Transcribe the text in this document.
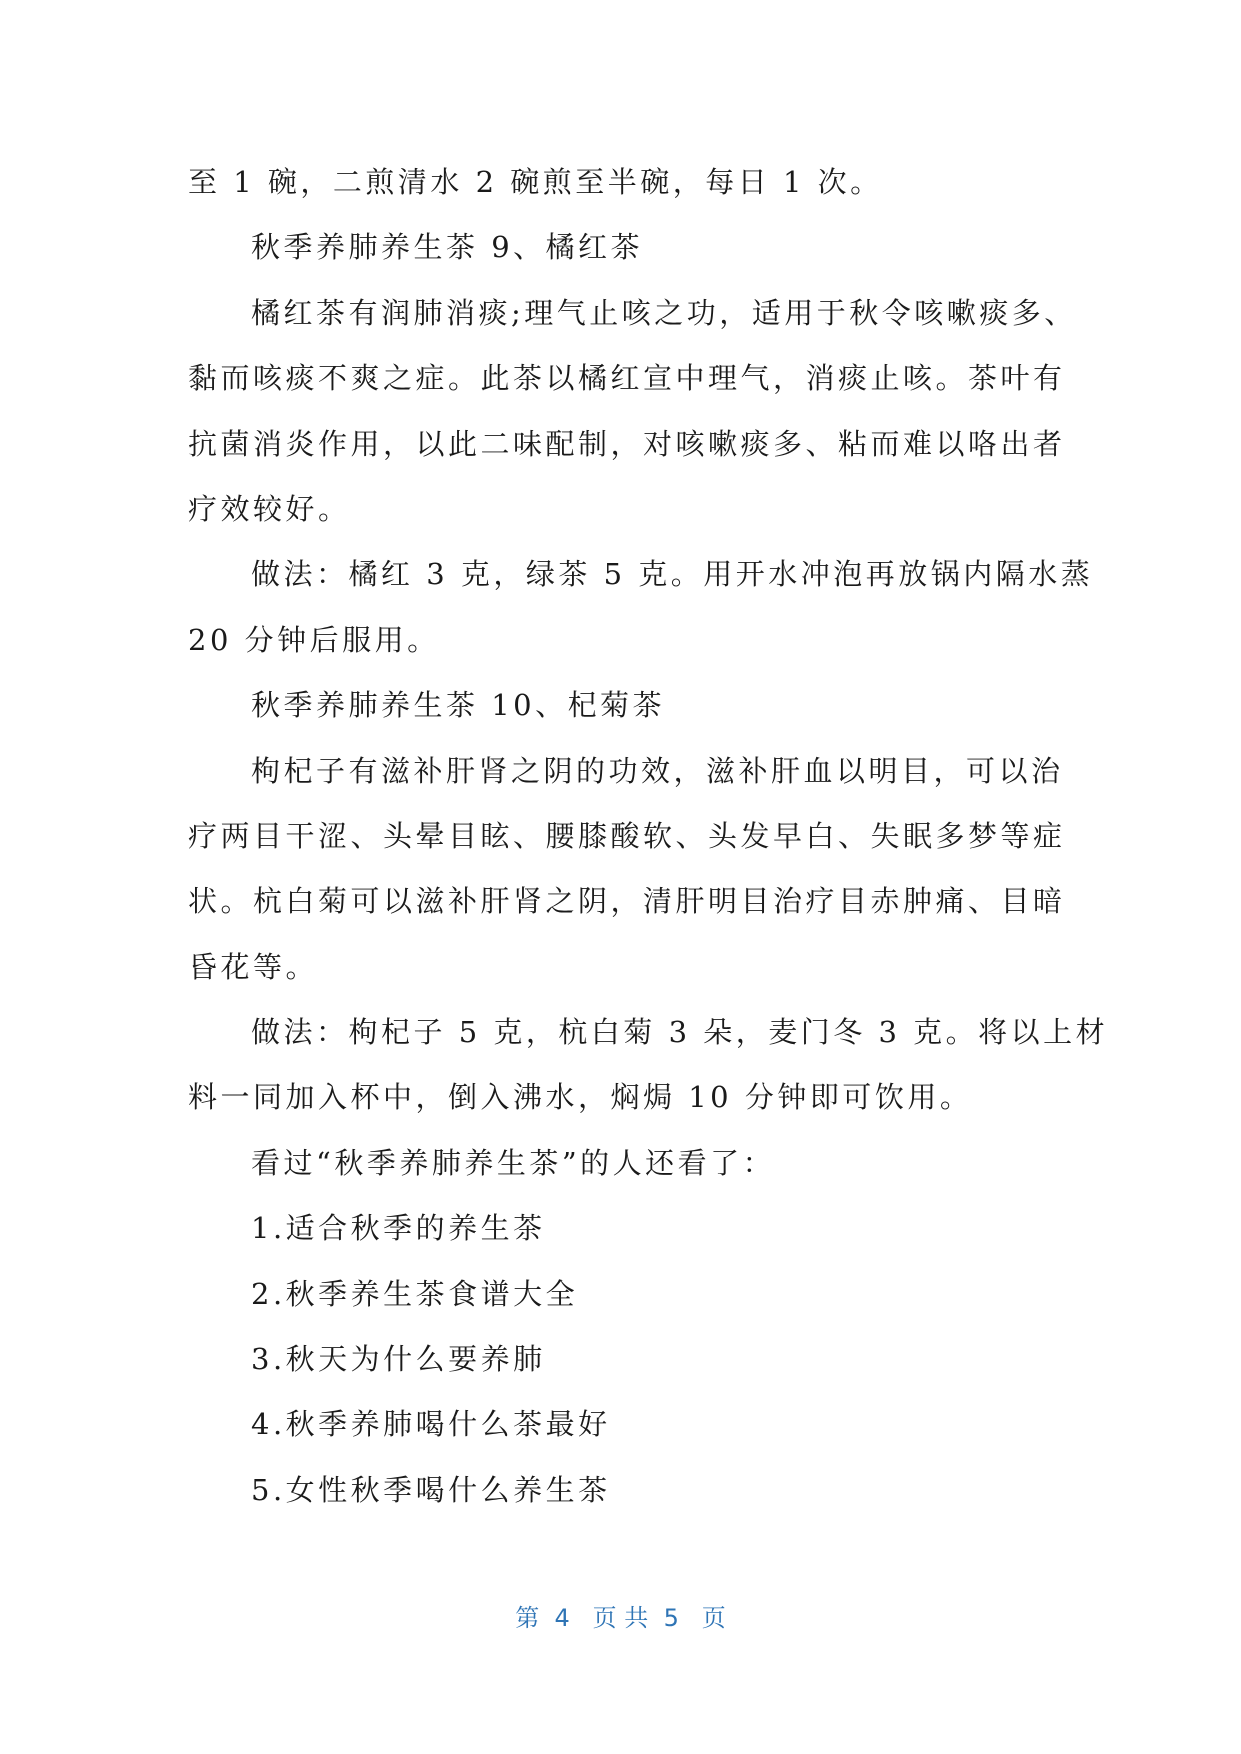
至 1 碗，二煎清水 2 碗煎至半碗，每日 1 次。
秋季养肺养生茶 9、橘红茶
橘红茶有润肺消痰;理气止咳之功，适用于秋令咳嗽痰多、
黏而咳痰不爽之症。此茶以橘红宣中理气，消痰止咳。茶叶有
抗菌消炎作用，以此二味配制，对咳嗽痰多、粘而难以咯出者
疗效较好。
做法：橘红 3 克，绿茶 5 克。用开水冲泡再放锅内隔水蒸
20 分钟后服用。
秋季养肺养生茶 10、杞菊茶
枸杞子有滋补肝肾之阴的功效，滋补肝血以明目，可以治
疗两目干涩、头晕目眩、腰膝酸软、头发早白、失眠多梦等症
状。杭白菊可以滋补肝肾之阴，清肝明目治疗目赤肿痛、目暗
昏花等。
做法：枸杞子 5 克，杭白菊 3 朵，麦门冬 3 克。将以上材
料一同加入杯中，倒入沸水，焖焗 10 分钟即可饮用。
看过“秋季养肺养生茶”的人还看了：
1.适合秋季的养生茶
2.秋季养生茶食谱大全
3.秋天为什么要养肺
4.秋季养肺喝什么茶最好
5.女性秋季喝什么养生茶
第  4   页 共  5   页
